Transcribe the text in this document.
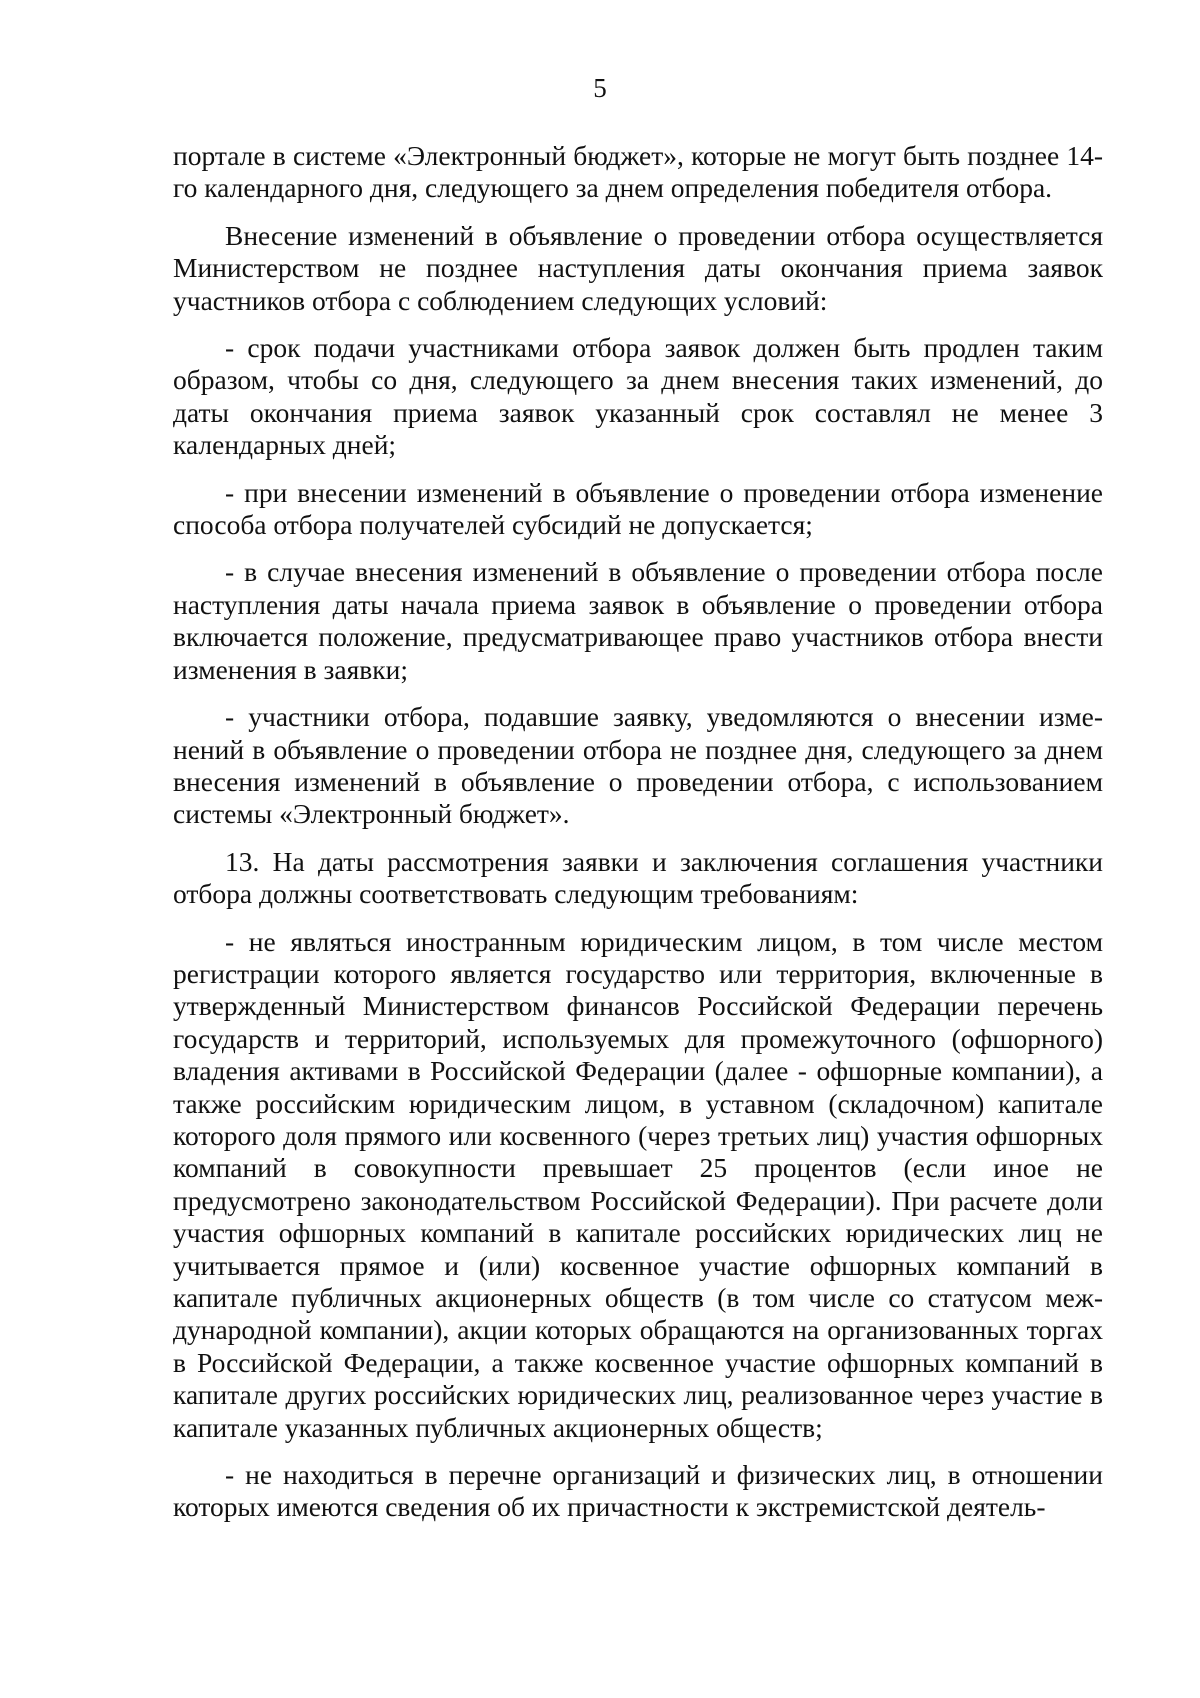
5

портале в системе «Электронный бюджет», которые не могут быть позднее 14-го календарного дня, следующего за днем определения победителя отбора.

Внесение изменений в объявление о проведении отбора осуществляется Министерством не позднее наступления даты окончания приема заявок участников отбора с соблюдением следующих условий:

- срок подачи участниками отбора заявок должен быть продлен таким образом, чтобы со дня, следующего за днем внесения таких изменений, до даты окончания приема заявок указанный срок составлял не менее 3 календарных дней;

- при внесении изменений в объявление о проведении отбора изменение способа отбора получателей субсидий не допускается;

- в случае внесения изменений в объявление о проведении отбора после наступления даты начала приема заявок в объявление о проведении отбора включается положение, предусматривающее право участников отбора внести изменения в заявки;

- участники отбора, подавшие заявку, уведомляются о внесении изменений в объявление о проведении отбора не позднее дня, следующего за днем внесения изменений в объявление о проведении отбора, с использованием системы «Электронный бюджет».

13. На даты рассмотрения заявки и заключения соглашения участники отбора должны соответствовать следующим требованиям:

- не являться иностранным юридическим лицом, в том числе местом регистрации которого является государство или территория, включенные в утвержденный Министерством финансов Российской Федерации перечень государств и территорий, используемых для промежуточного (офшорного) владения активами в Российской Федерации (далее - офшорные компании), а также российским юридическим лицом, в уставном (складочном) капитале которого доля прямого или косвенного (через третьих лиц) участия офшорных компаний в совокупности превышает 25 процентов (если иное не предусмотрено законодательством Российской Федерации). При расчете доли участия офшорных компаний в капитале российских юридических лиц не учитывается прямое и (или) косвенное участие офшорных компаний в капитале публичных акционерных обществ (в том числе со статусом международной компании), акции которых обращаются на организованных торгах в Российской Федерации, а также косвенное участие офшорных компаний в капитале других российских юридических лиц, реализованное через участие в капитале указанных публичных акционерных обществ;

- не находиться в перечне организаций и физических лиц, в отношении которых имеются сведения об их причастности к экстремистской деятель-
